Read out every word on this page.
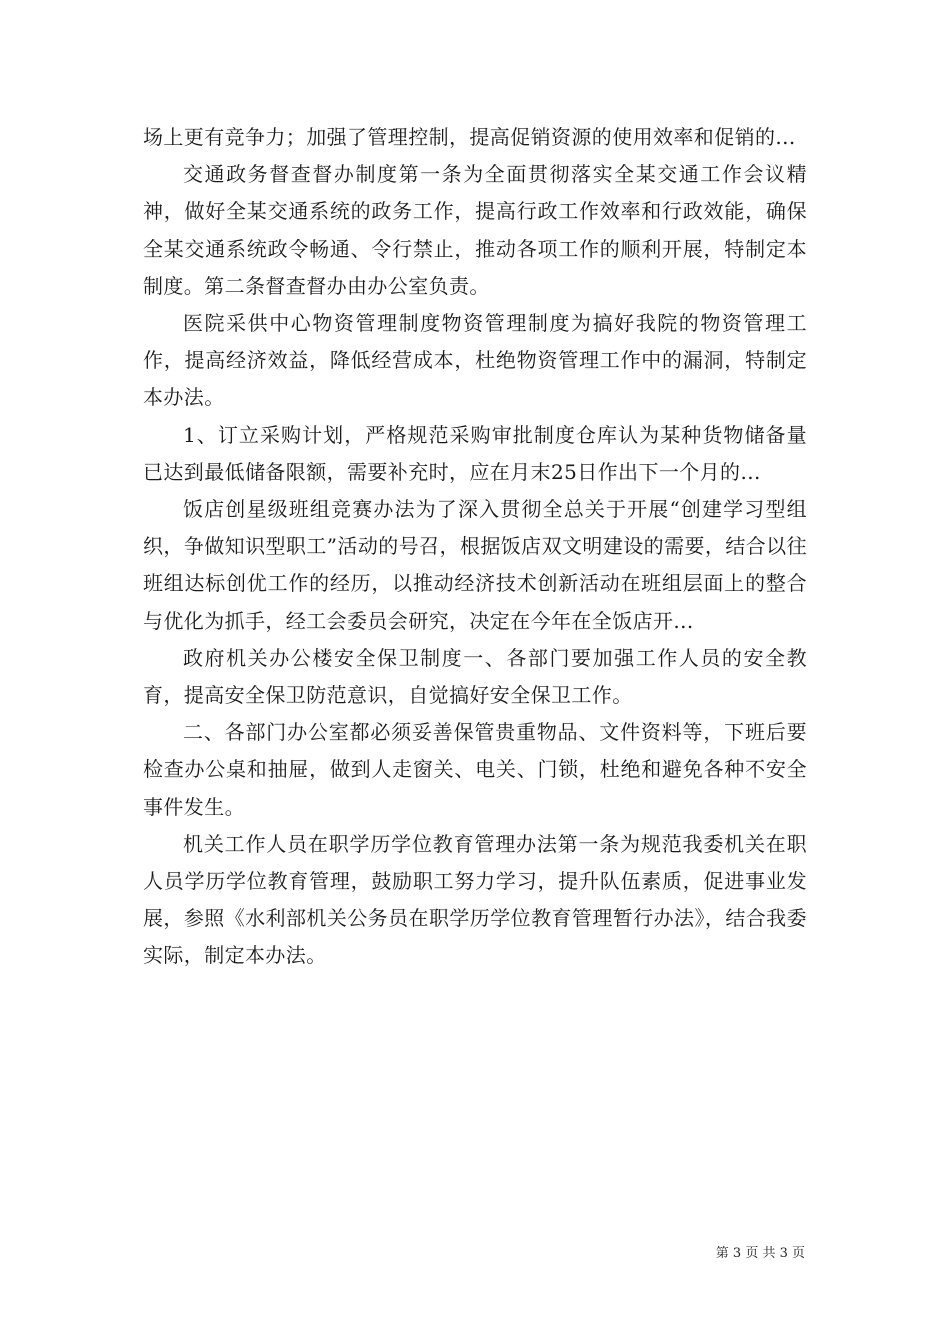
场上更有竞争力；加强了管理控制，提高促销资源的使用效率和促销的...

交通政务督查督办制度第一条为全面贯彻落实全某交通工作会议精神，做好全某交通系统的政务工作，提高行政工作效率和行政效能，确保全某交通系统政令畅通、令行禁止，推动各项工作的顺利开展，特制定本制度。第二条督查督办由办公室负责。

医院采供中心物资管理制度物资管理制度为搞好我院的物资管理工作，提高经济效益，降低经营成本，杜绝物资管理工作中的漏洞，特制定本办法。

1、订立采购计划，严格规范采购审批制度仓库认为某种货物储备量已达到最低储备限额，需要补充时，应在月末25日作出下一个月的...

饭店创星级班组竞赛办法为了深入贯彻全总关于开展“创建学习型组织，争做知识型职工”活动的号召，根据饭店双文明建设的需要，结合以往班组达标创优工作的经历，以推动经济技术创新活动在班组层面上的整合与优化为抓手，经工会委员会研究，决定在今年在全饭店开...

政府机关办公楼安全保卫制度一、各部门要加强工作人员的安全教育，提高安全保卫防范意识，自觉搞好安全保卫工作。

二、各部门办公室都必须妥善保管贵重物品、文件资料等，下班后要检查办公桌和抽屉，做到人走窗关、电关、门锁，杜绝和避免各种不安全事件发生。

机关工作人员在职学历学位教育管理办法第一条为规范我委机关在职人员学历学位教育管理，鼓励职工努力学习，提升队伍素质，促进事业发展，参照《水利部机关公务员在职学历学位教育管理暂行办法》，结合我委实际，制定本办法。

第 3 页 共 3 页
